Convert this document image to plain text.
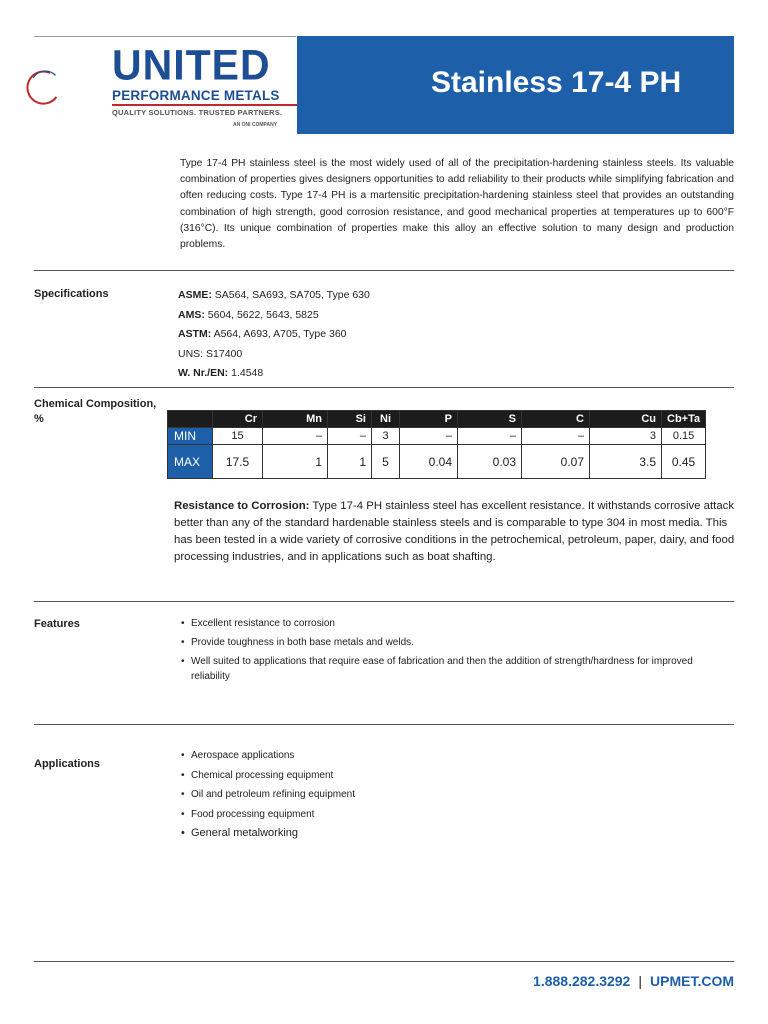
Stainless 17-4 PH
UNITED
PERFORMANCE METALS
QUALITY SOLUTIONS. TRUSTED PARTNERS.
AN ONI COMPANY

Type 17-4 PH stainless steel is the most widely used of all of the precipitation-hardening stainless steels. Its valuable combination of properties gives designers opportunities to add reliability to their products while simplifying fabrication and often reducing costs. Type 17-4 PH is a martensitic precipitation-hardening stainless steel that provides an outstanding combination of high strength, good corrosion resistance, and good mechanical properties at temperatures up to 600°F (316°C). Its unique combination of properties make this alloy an effective solution to many design and production problems.

Specifications	ASME: SA564, SA693, SA705, Type 630
AMS: 5604, 5622, 5643, 5825
ASTM: A564, A693, A705, Type 360
UNS: S17400
W. Nr./EN: 1.4548
Chemical Composition, %
		Cr	Mn	Si	Ni	P	S	C	Cu	Cb+Ta
MIN	15	–	–	3	–	–	–	3	0.15
MAX	17.5	1	1	5	0.04	0.03	0.07	3.5	0.45

Resistance to Corrosion: Type 17-4 PH stainless steel has excellent resistance. It withstands corrosive attack better than any of the standard hardenable stainless steels and is comparable to type 304 in most media. This has been tested in a wide variety of corrosive conditions in the petrochemical, petroleum, paper, dairy, and food processing industries, and in applications such as boat shafting.

Features	• Excellent resistance to corrosion
• Provide toughness in both base metals and welds.
• Well suited to applications that require ease of fabrication and then the addition of strength/hardness for improved reliability
Applications
• Aerospace applications
• Chemical processing equipment
• Oil and petroleum refining equipment
• Food processing equipment
• General metalworking
1.888.282.3292 | UPMET.COM
